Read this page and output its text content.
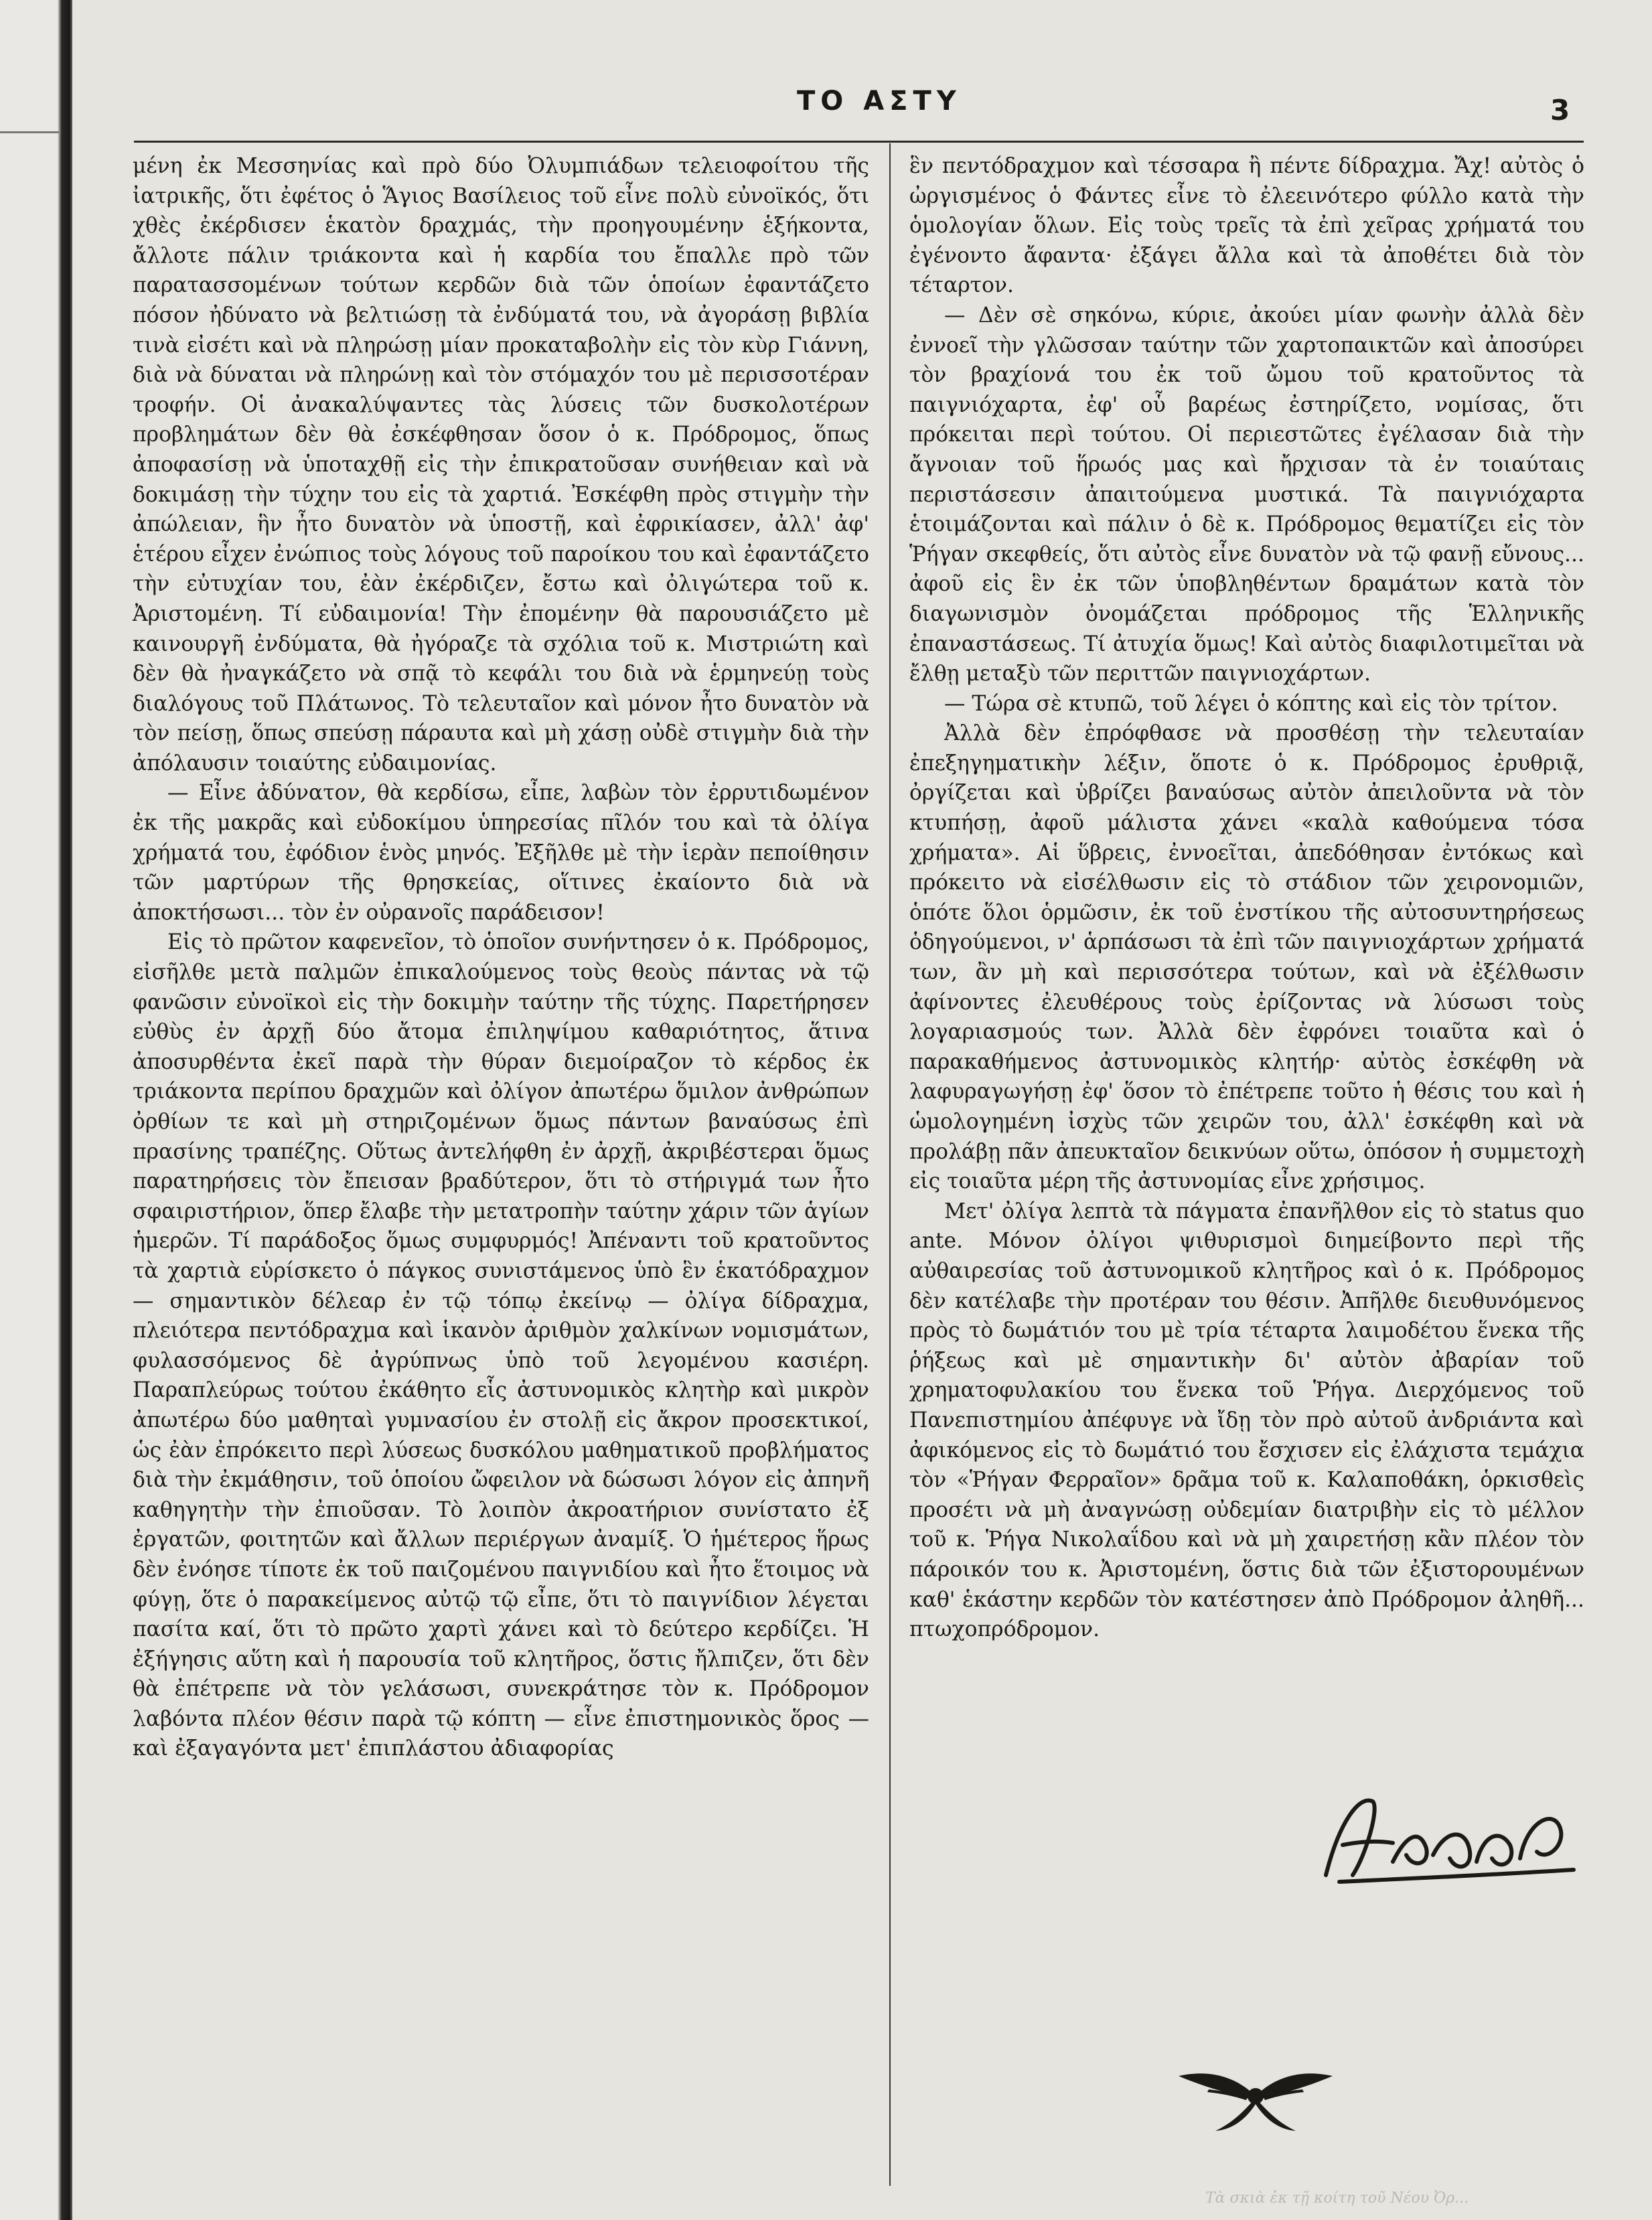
ΤΟ ΑΣΤΥ	3

μένη ἐκ Μεσσηνίας καὶ πρὸ δύο Ὀλυμπιάδων τελειοφοίτου τῆς ἰατρικῆς, ὅτι ἐφέτος ὁ Ἅγιος Βασίλειος τοῦ εἶνε πολὺ εὐνοϊκός, ὅτι χθὲς ἐκέρδισεν ἑκατὸν δραχμάς, τὴν προηγουμένην ἑξήκοντα, ἄλλοτε πάλιν τριάκοντα καὶ ἡ καρδία του ἔπαλλε πρὸ τῶν παρατασσομένων τούτων κερδῶν διὰ τῶν ὁποίων ἐφαντάζετο πόσον ἠδύνατο νὰ βελτιώσῃ τὰ ἐνδύματά του, νὰ ἀγοράσῃ βιβλία τινὰ εἰσέτι καὶ νὰ πληρώσῃ μίαν προκαταβολὴν εἰς τὸν κὺρ Γιάννη, διὰ νὰ δύναται νὰ πληρώνῃ καὶ τὸν στόμαχόν του μὲ περισσοτέραν τροφήν. Οἱ ἀνακαλύψαντες τὰς λύσεις τῶν δυσκολοτέρων προβλημάτων δὲν θὰ ἐσκέφθησαν ὅσον ὁ κ. Πρόδρομος, ὅπως ἀποφασίσῃ νὰ ὑποταχθῇ εἰς τὴν ἐπικρατοῦσαν συνήθειαν καὶ νὰ δοκιμάσῃ τὴν τύχην του εἰς τὰ χαρτιά. Ἐσκέφθη πρὸς στιγμὴν τὴν ἀπώλειαν, ἣν ἦτο δυνατὸν νὰ ὑποστῇ, καὶ ἐφρικίασεν, ἀλλ' ἀφ' ἑτέρου εἶχεν ἐνώπιος τοὺς λόγους τοῦ παροίκου του καὶ ἐφαντάζετο τὴν εὐτυχίαν του, ἐὰν ἐκέρδιζεν, ἔστω καὶ ὀλιγώτερα τοῦ κ. Ἀριστομένη. Τί εὐδαιμονία! Τὴν ἐπομένην θὰ παρουσιάζετο μὲ καινουργῆ ἐνδύματα, θὰ ἠγόραζε τὰ σχόλια τοῦ κ. Μιστριώτη καὶ δὲν θὰ ἠναγκάζετο νὰ σπᾷ τὸ κεφάλι του διὰ νὰ ἑρμηνεύῃ τοὺς διαλόγους τοῦ Πλάτωνος. Τὸ τελευταῖον καὶ μόνον ἦτο δυνατὸν νὰ τὸν πείσῃ, ὅπως σπεύσῃ πάραυτα καὶ μὴ χάσῃ οὐδὲ στιγμὴν διὰ τὴν ἀπόλαυσιν τοιαύτης εὐδαιμονίας.

— Εἶνε ἀδύνατον, θὰ κερδίσω, εἶπε, λαβὼν τὸν ἐρρυτιδωμένον ἐκ τῆς μακρᾶς καὶ εὐδοκίμου ὑπηρεσίας πῖλόν του καὶ τὰ ὀλίγα χρήματά του, ἐφόδιον ἑνὸς μηνός. Ἐξῆλθε μὲ τὴν ἱερὰν πεποίθησιν τῶν μαρτύρων τῆς θρησκείας, οἵτινες ἐκαίοντο διὰ νὰ ἀποκτήσωσι... τὸν ἐν οὐρανοῖς παράδεισον!

Εἰς τὸ πρῶτον καφενεῖον, τὸ ὁποῖον συνήντησεν ὁ κ. Πρόδρομος, εἰσῆλθε μετὰ παλμῶν ἐπικαλούμενος τοὺς θεοὺς πάντας νὰ τῷ φανῶσιν εὐνοϊκοὶ εἰς τὴν δοκιμὴν ταύτην τῆς τύχης. Παρετήρησεν εὐθὺς ἐν ἀρχῇ δύο ἄτομα ἐπιληψίμου καθαριότητος, ἅτινα ἀποσυρθέντα ἐκεῖ παρὰ τὴν θύραν διεμοίραζον τὸ κέρδος ἐκ τριάκοντα περίπου δραχμῶν καὶ ὀλίγον ἀπωτέρω ὅμιλον ἀνθρώπων ὀρθίων τε καὶ μὴ στηριζομένων ὅμως πάντων βαναύσως ἐπὶ πρασίνης τραπέζης. Οὕτως ἀντελήφθη ἐν ἀρχῇ, ἀκριβέστεραι ὅμως παρατηρήσεις τὸν ἔπεισαν βραδύτερον, ὅτι τὸ στήριγμά των ἦτο σφαιριστήριον, ὅπερ ἔλαβε τὴν μετατροπὴν ταύτην χάριν τῶν ἁγίων ἡμερῶν. Τί παράδοξος ὅμως συμφυρμός! Ἀπέναντι τοῦ κρατοῦντος τὰ χαρτιὰ εὑρίσκετο ὁ πάγκος συνιστάμενος ὑπὸ ἓν ἑκατόδραχμον — σημαντικὸν δέλεαρ ἐν τῷ τόπῳ ἐκείνῳ — ὀλίγα δίδραχμα, πλειότερα πεντόδραχμα καὶ ἱκανὸν ἀριθμὸν χαλκίνων νομισμάτων, φυλασσόμενος δὲ ἀγρύπνως ὑπὸ τοῦ λεγομένου κασιέρη. Παραπλεύρως τούτου ἐκάθητο εἷς ἀστυνομικὸς κλητὴρ καὶ μικρὸν ἀπωτέρω δύο μαθηταὶ γυμνασίου ἐν στολῇ εἰς ἄκρον προσεκτικοί, ὡς ἐὰν ἐπρόκειτο περὶ λύσεως δυσκόλου μαθηματικοῦ προβλήματος διὰ τὴν ἐκμάθησιν, τοῦ ὁποίου ὤφειλον νὰ δώσωσι λόγον εἰς ἀπηνῆ καθηγητὴν τὴν ἐπιοῦσαν. Τὸ λοιπὸν ἀκροατήριον συνίστατο ἐξ ἐργατῶν, φοιτητῶν καὶ ἄλλων περιέργων ἀναμίξ. Ὁ ἡμέτερος ἥρως δὲν ἐνόησε τίποτε ἐκ τοῦ παιζομένου παιγνιδίου καὶ ἦτο ἕτοιμος νὰ φύγῃ, ὅτε ὁ παρακείμενος αὐτῷ τῷ εἶπε, ὅτι τὸ παιγνίδιον λέγεται πασίτα καί, ὅτι τὸ πρῶτο χαρτὶ χάνει καὶ τὸ δεύτερο κερδίζει. Ἡ ἐξήγησις αὕτη καὶ ἡ παρουσία τοῦ κλητῆρος, ὅστις ἤλπιζεν, ὅτι δὲν θὰ ἐπέτρεπε νὰ τὸν γελάσωσι, συνεκράτησε τὸν κ. Πρόδρομον λαβόντα πλέον θέσιν παρὰ τῷ κόπτη — εἶνε ἐπιστημονικὸς ὅρος — καὶ ἐξαγαγόντα μετ' ἐπιπλάστου ἀδιαφορίας

ἓν πεντόδραχμον καὶ τέσσαρα ἢ πέντε δίδραχμα. Ἄχ! αὐτὸς ὁ ὠργισμένος ὁ Φάντες εἶνε τὸ ἐλεεινότερο φύλλο κατὰ τὴν ὁμολογίαν ὅλων. Εἰς τοὺς τρεῖς τὰ ἐπὶ χεῖρας χρήματά του ἐγένοντο ἄφαντα· ἐξάγει ἄλλα καὶ τὰ ἀποθέτει διὰ τὸν τέταρτον.

— Δὲν σὲ σηκόνω, κύριε, ἀκούει μίαν φωνὴν ἀλλὰ δὲν ἐννοεῖ τὴν γλῶσσαν ταύτην τῶν χαρτοπαικτῶν καὶ ἀποσύρει τὸν βραχίονά του ἐκ τοῦ ὤμου τοῦ κρατοῦντος τὰ παιγνιόχαρτα, ἐφ' οὗ βαρέως ἐστηρίζετο, νομίσας, ὅτι πρόκειται περὶ τούτου. Οἱ περιεστῶτες ἐγέλασαν διὰ τὴν ἄγνοιαν τοῦ ἥρωός μας καὶ ἤρχισαν τὰ ἐν τοιαύταις περιστάσεσιν ἀπαιτούμενα μυστικά. Τὰ παιγνιόχαρτα ἑτοιμάζονται καὶ πάλιν ὁ δὲ κ. Πρόδρομος θεματίζει εἰς τὸν Ῥήγαν σκεφθείς, ὅτι αὐτὸς εἶνε δυνατὸν νὰ τῷ φανῇ εὔνους... ἀφοῦ εἰς ἓν ἐκ τῶν ὑποβληθέντων δραμάτων κατὰ τὸν διαγωνισμὸν ὀνομάζεται πρόδρομος τῆς Ἑλληνικῆς ἐπαναστάσεως. Τί ἀτυχία ὅμως! Καὶ αὐτὸς διαφιλοτιμεῖται νὰ ἔλθῃ μεταξὺ τῶν περιττῶν παιγνιοχάρτων.

— Τώρα σὲ κτυπῶ, τοῦ λέγει ὁ κόπτης καὶ εἰς τὸν τρίτον.

Ἀλλὰ δὲν ἐπρόφθασε νὰ προσθέσῃ τὴν τελευταίαν ἐπεξηγηματικὴν λέξιν, ὅποτε ὁ κ. Πρόδρομος ἐρυθριᾷ, ὀργίζεται καὶ ὑβρίζει βαναύσως αὐτὸν ἀπειλοῦντα νὰ τὸν κτυπήσῃ, ἀφοῦ μάλιστα χάνει «καλὰ καθούμενα τόσα χρήματα». Αἱ ὕβρεις, ἐννοεῖται, ἀπεδόθησαν ἐντόκως καὶ πρόκειτο νὰ εἰσέλθωσιν εἰς τὸ στάδιον τῶν χειρονομιῶν, ὁπότε ὅλοι ὁρμῶσιν, ἐκ τοῦ ἐνστίκου τῆς αὐτοσυντηρήσεως ὁδηγούμενοι, ν' ἁρπάσωσι τὰ ἐπὶ τῶν παιγνιοχάρτων χρήματά των, ἂν μὴ καὶ περισσότερα τούτων, καὶ νὰ ἐξέλθωσιν ἀφίνοντες ἐλευθέρους τοὺς ἐρίζοντας νὰ λύσωσι τοὺς λογαριασμούς των. Ἀλλὰ δὲν ἐφρόνει τοιαῦτα καὶ ὁ παρακαθήμενος ἀστυνομικὸς κλητήρ· αὐτὸς ἐσκέφθη νὰ λαφυραγωγήσῃ ἐφ' ὅσον τὸ ἐπέτρεπε τοῦτο ἡ θέσις του καὶ ἡ ὡμολογημένη ἰσχὺς τῶν χειρῶν του, ἀλλ' ἐσκέφθη καὶ νὰ προλάβῃ πᾶν ἀπευκταῖον δεικνύων οὕτω, ὁπόσον ἡ συμμετοχὴ εἰς τοιαῦτα μέρη τῆς ἀστυνομίας εἶνε χρήσιμος.

Μετ' ὀλίγα λεπτὰ τὰ πάγματα ἐπανῆλθον εἰς τὸ status quo ante. Μόνον ὀλίγοι ψιθυρισμοὶ διημείβοντο περὶ τῆς αὐθαιρεσίας τοῦ ἀστυνομικοῦ κλητῆρος καὶ ὁ κ. Πρόδρομος δὲν κατέλαβε τὴν προτέραν του θέσιν. Ἀπῆλθε διευθυνόμενος πρὸς τὸ δωμάτιόν του μὲ τρία τέταρτα λαιμοδέτου ἕνεκα τῆς ῥήξεως καὶ μὲ σημαντικὴν δι' αὐτὸν ἀβαρίαν τοῦ χρηματοφυλακίου του ἕνεκα τοῦ Ῥήγα. Διερχόμενος τοῦ Πανεπιστημίου ἀπέφυγε νὰ ἴδῃ τὸν πρὸ αὐτοῦ ἀνδριάντα καὶ ἀφικόμενος εἰς τὸ δωμάτιό του ἔσχισεν εἰς ἐλάχιστα τεμάχια τὸν «Ῥήγαν Φερραῖον» δρᾶμα τοῦ κ. Καλαποθάκη, ὁρκισθεὶς προσέτι νὰ μὴ ἀναγνώσῃ οὐδεμίαν διατριβὴν εἰς τὸ μέλλον τοῦ κ. Ῥήγα Νικολαΐδου καὶ νὰ μὴ χαιρετήσῃ κἂν πλέον τὸν πάροικόν του κ. Ἀριστομένη, ὅστις διὰ τῶν ἐξιστορουμένων καθ' ἑκάστην κερδῶν τὸν κατέστησεν ἀπὸ Πρόδρομον ἀληθῆ... πτωχοπρόδρομον.

Τὰ σκιὰ ἐκ τῇ κοίτη τοῦ Νέου Ὀρ...
